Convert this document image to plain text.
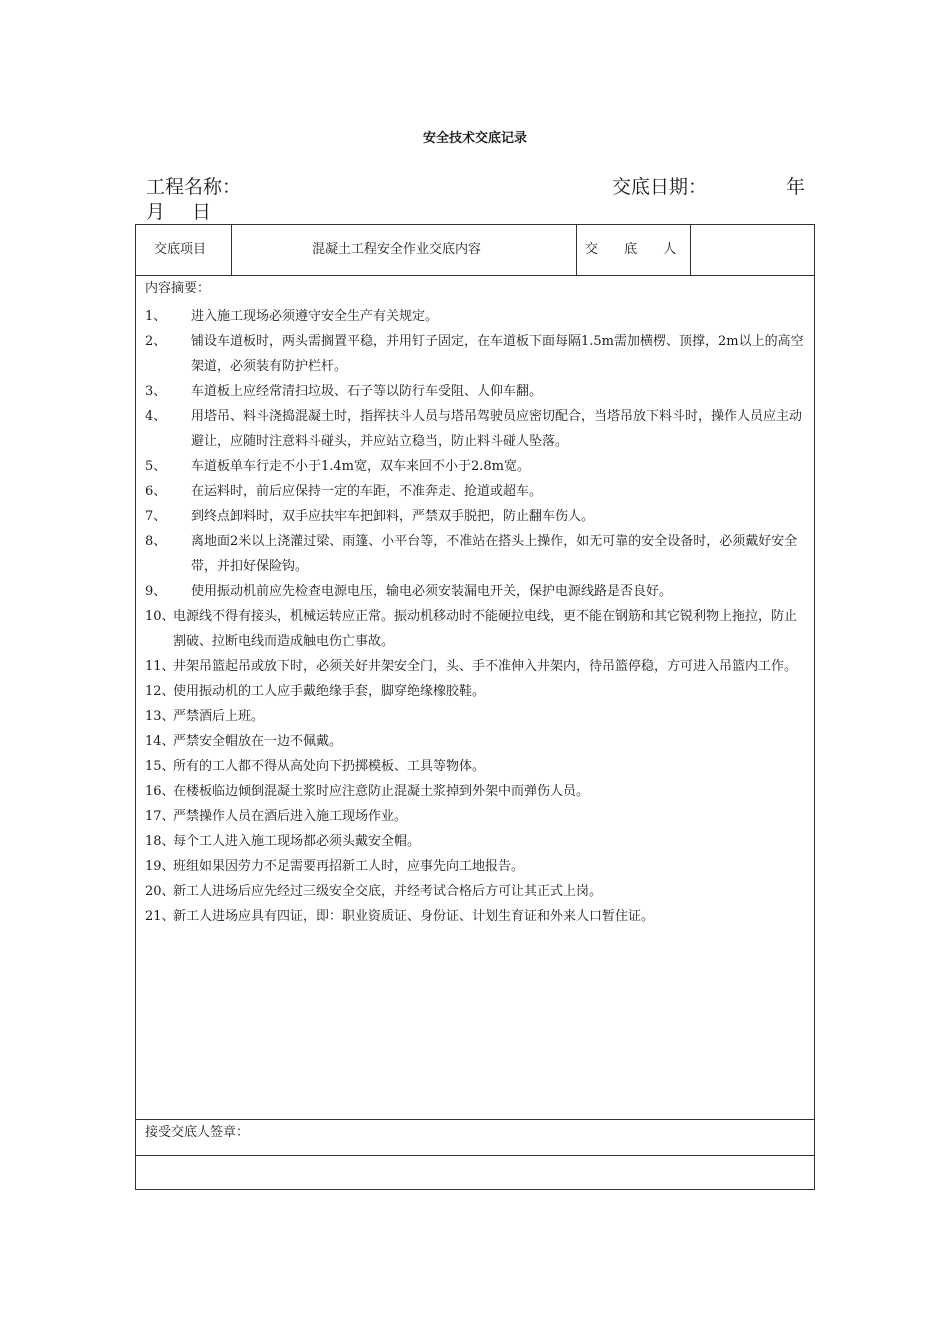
安全技术交底记录
工程名称：	交底日期：	年
月 日
交底项目	混凝土工程安全作业交底内容	交 底 人
内容摘要：
1、	进入施工现场必须遵守安全生产有关规定。
2、	铺设车道板时，两头需搁置平稳，并用钉子固定，在车道板下面每隔1.5m需加横楞、顶撑，2m以上的高空架道，必须装有防护栏杆。
3、	车道板上应经常清扫垃圾、石子等以防行车受阻、人仰车翻。
4、	用塔吊、料斗浇捣混凝土时，指挥扶斗人员与塔吊驾驶员应密切配合，当塔吊放下料斗时，操作人员应主动避让，应随时注意料斗碰头，并应站立稳当，防止料斗碰人坠落。
5、	车道板单车行走不小于1.4m宽，双车来回不小于2.8m宽。
6、	在运料时，前后应保持一定的车距，不准奔走、抢道或超车。
7、	到终点卸料时，双手应扶牢车把卸料，严禁双手脱把，防止翻车伤人。
8、	离地面2米以上浇灌过梁、雨篷、小平台等，不准站在搭头上操作，如无可靠的安全设备时，必须戴好安全带，并扣好保险钩。
9、	使用振动机前应先检查电源电压，输电必须安装漏电开关，保护电源线路是否良好。
10、
电源线不得有接头，机械运转应正常。振动机移动时不能硬拉电线，更不能在钢筋和其它锐利物上拖拉，防止割破、拉断电线而造成触电伤亡事故。
11、
井架吊篮起吊或放下时，必须关好井架安全门，头、手不准伸入井架内，待吊篮停稳，方可进入吊篮内工作。
12、
使用振动机的工人应手戴绝缘手套，脚穿绝缘橡胶鞋。
13、
严禁酒后上班。
14、
严禁安全帽放在一边不佩戴。
15、
所有的工人都不得从高处向下扔掷模板、工具等物体。
16、
在楼板临边倾倒混凝土浆时应注意防止混凝土浆掉到外架中而弹伤人员。
17、
严禁操作人员在酒后进入施工现场作业。
18、
每个工人进入施工现场都必须头戴安全帽。
19、
班组如果因劳力不足需要再招新工人时，应事先向工地报告。
20、
新工人进场后应先经过三级安全交底，并经考试合格后方可让其正式上岗。
21、
新工人进场应具有四证，即：职业资质证、身份证、计划生育证和外来人口暂住证。
接受交底人签章：
